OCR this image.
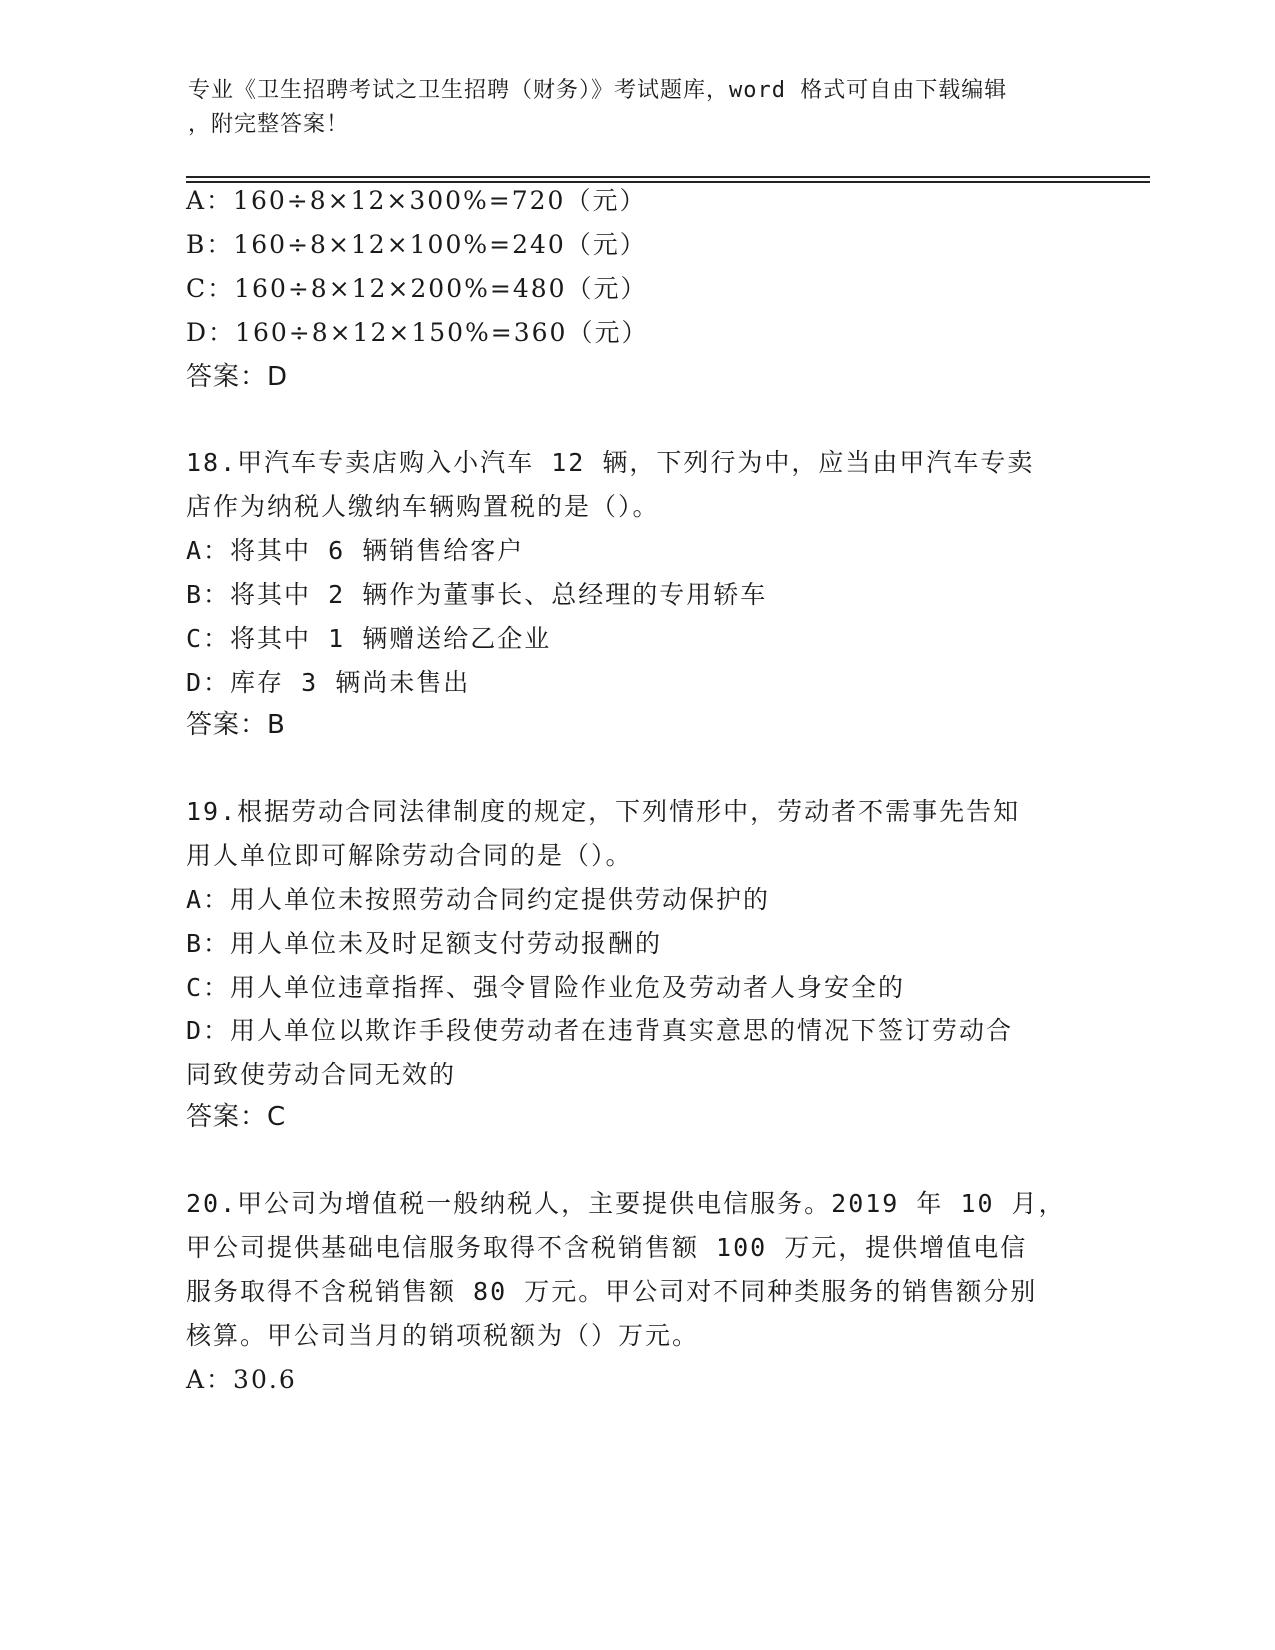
专业《卫生招聘考试之卫生招聘（财务）》考试题库，word 格式可自由下载编辑
，附完整答案！
A：160÷8×12×300%=720（元）
B：160÷8×12×100%=240（元）
C：160÷8×12×200%=480（元）
D：160÷8×12×150%=360（元）
答案：D
18.甲汽车专卖店购入小汽车 12 辆，下列行为中，应当由甲汽车专卖
店作为纳税人缴纳车辆购置税的是（）。
A：将其中 6 辆销售给客户
B：将其中 2 辆作为董事长、总经理的专用轿车
C：将其中 1 辆赠送给乙企业
D：库存 3 辆尚未售出
答案：B
19.根据劳动合同法律制度的规定，下列情形中，劳动者不需事先告知
用人单位即可解除劳动合同的是（）。
A：用人单位未按照劳动合同约定提供劳动保护的
B：用人单位未及时足额支付劳动报酬的
C：用人单位违章指挥、强令冒险作业危及劳动者人身安全的
D：用人单位以欺诈手段使劳动者在违背真实意思的情况下签订劳动合
同致使劳动合同无效的
答案：C
20.甲公司为增值税一般纳税人，主要提供电信服务。2019 年 10 月，
甲公司提供基础电信服务取得不含税销售额 100 万元，提供增值电信
服务取得不含税销售额 80 万元。甲公司对不同种类服务的销售额分别
核算。甲公司当月的销项税额为（）万元。
A：30.6
